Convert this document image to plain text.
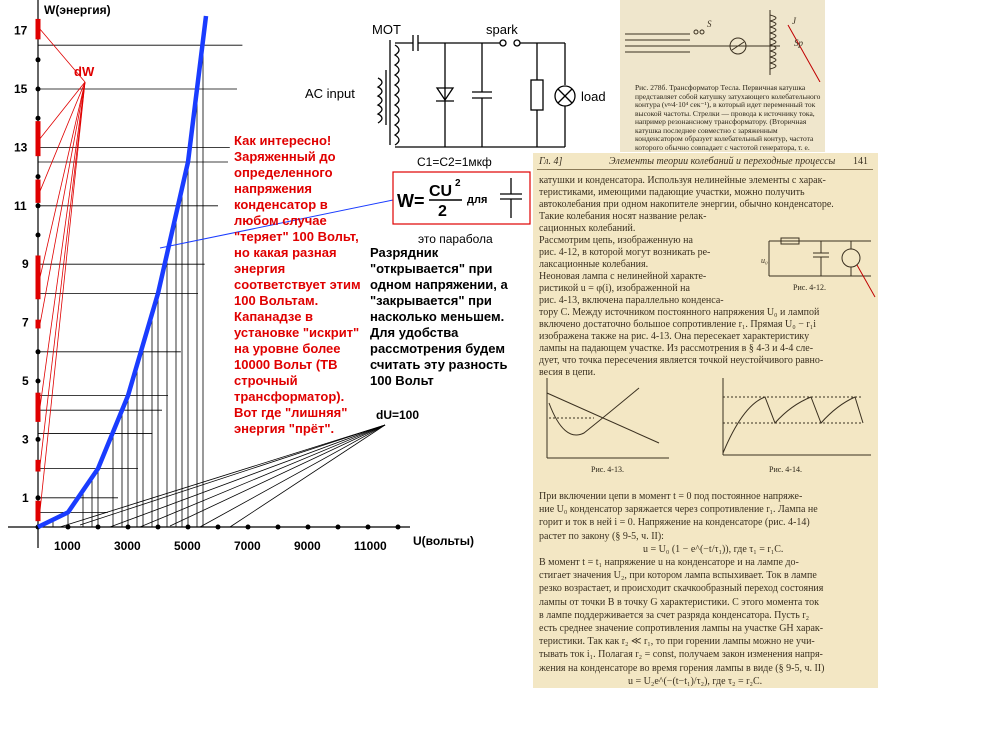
1000	3000	5000	7000	9000	11000
1
3
5
7
9
11
13
15
17
W(энергия)
U(вольты)
dW
dU=100
MOT	spark
AC input	load
C1=C2=1мкф
W= CU 2
2
для
это парабола
Как интересно! Заряженный до определенного напряжения конденсатор в любом случае "теряет" 100 Вольт, но какая разная энергия соответствует этим 100 Вольтам. Капанадзе в установке "искрит" на уровне более 10000 Вольт (ТВ строчный трансформатор). Вот где "лишняя" энергия "прёт".
Разрядник "открывается" при одном напряжении, а "закрывается" при насколько меньшем. Для удобства рассмотрения будем считать эту разность 100 Вольт
S	J
Sp
Рис. 278б. Трансформатор Тесла. Первичная катушка представляет собой катушку затухающего колебательного контура (ν≈4·10⁴ сек⁻¹), в который идет переменный ток высокой частоты. Стрелки — провода к источнику тока, например резонансному трансформатору. (Вторичная катушка последнее совместно с заряженным конденсатором образует колебательный контур, частота которого обычно совпадает с частотой генератора, т. е.
Гл. 4]	Элементы теории колебаний и переходные процессы 141
катушки и конденсатора. Используя нелинейные элементы с харак-
теристиками, имеющими падающие участки, можно получить
автоколебания при одном накопителе энергии, обычно конденсаторе.
Такие колебания носят название релак-
сационных колебаний.
Рассмотрим цепь, изображенную на
рис. 4-12, в которой могут возникать ре-
лаксационные колебания.
Неоновая лампа с нелинейной характе-
ристикой u = φ(i), изображенной на
рис. 4-13, включена параллельно конденса-
тору C. Между источником постоянного напряжения U₀ и лампой
включено достаточно большое сопротивление r₁. Прямая U₀ − r₁i
изображена также на рис. 4-13. Она пересекает характеристику
лампы на падающем участке. Из рассмотрения в § 4-3 и 4-4 сле-
дует, что точка пересечения является точкой неустойчивого равно-
весия в цепи.
u₀
Рис. 4-12.
Рис. 4-13.	Рис. 4-14.
При включении цепи в момент t = 0 под постоянное напряже-
ние U₀ конденсатор заряжается через сопротивление r₁. Лампа не
горит и ток в ней i = 0. Напряжение на конденсаторе (рис. 4-14)
растет по закону (§ 9-5, ч. II):
u = U₀ (1 − e^(−t/τ₁)), где τ₁ = r₁C.
В момент t = t₁ напряжение u на конденсаторе и на лампе до-
стигает значения U₂, при котором лампа вспыхивает. Ток в лампе
резко возрастает, и происходит скачкообразный переход состояния
лампы от точки B в точку G характеристики. С этого момента ток
в лампе поддерживается за счет разряда конденсатора. Пусть r₂
есть среднее значение сопротивления лампы на участке GH харак-
теристики. Так как r₂ ≪ r₁, то при горении лампы можно не учи-
тывать ток i₁. Полагая r₂ = const, получаем закон изменения напря-
жения на конденсаторе во время горения лампы в виде (§ 9-5, ч. II)
u = U₂e^(−(t−t₁)/τ₂), где τ₂ = r₂C.
